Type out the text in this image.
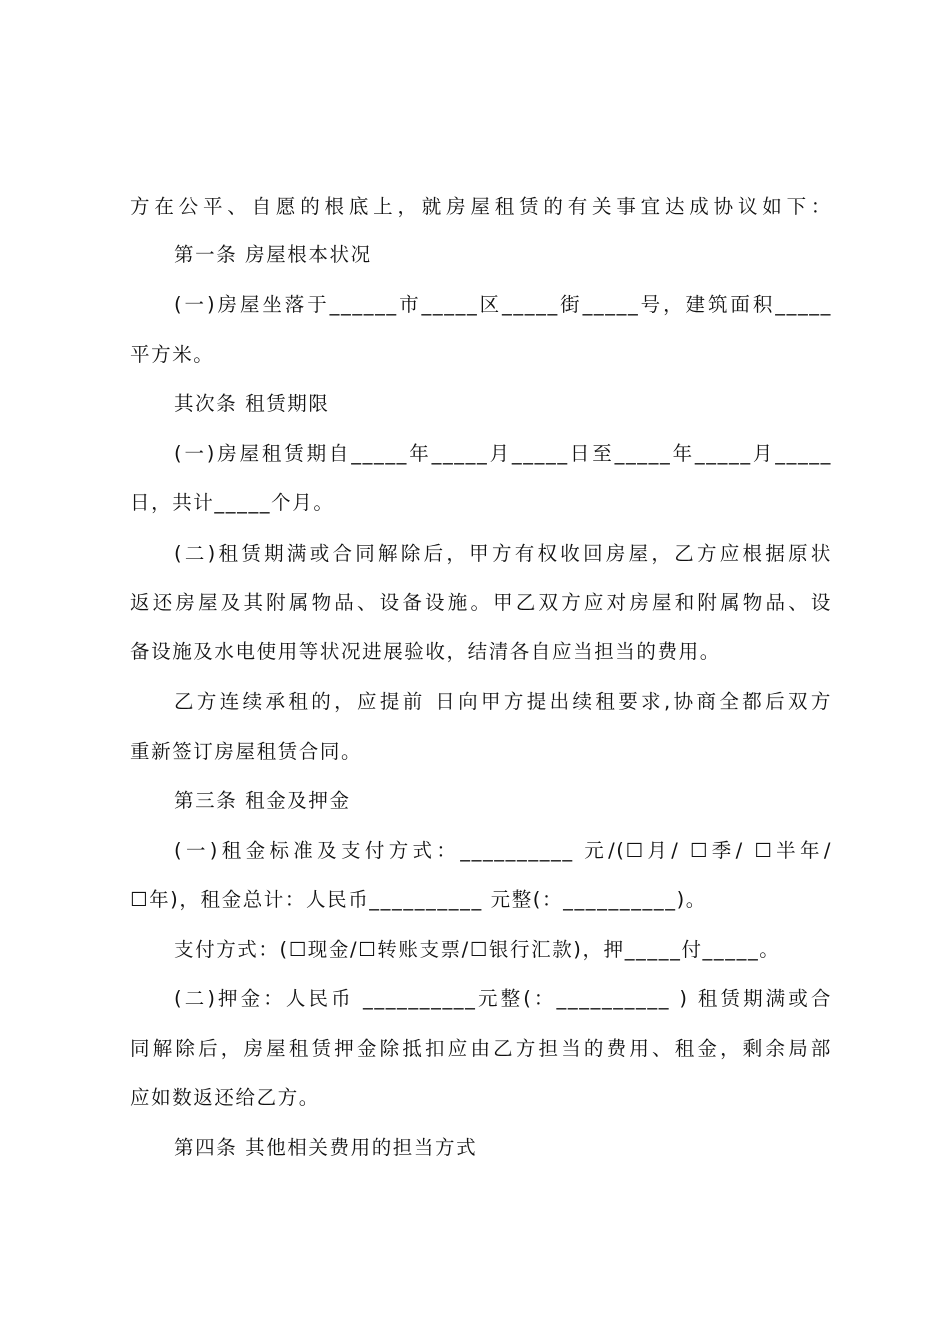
方在公平、自愿的根底上，就房屋租赁的有关事宜达成协议如下：
第一条 房屋根本状况
(一)房屋坐落于______市_____区_____街_____号，建筑面积_____
平方米。
其次条 租赁期限
(一)房屋租赁期自_____年_____月_____日至_____年_____月_____
日，共计_____个月。
(二)租赁期满或合同解除后，甲方有权收回房屋，乙方应根据原状
返还房屋及其附属物品、设备设施。甲乙双方应对房屋和附属物品、设
备设施及水电使用等状况进展验收，结清各自应当担当的费用。
乙方连续承租的，应提前 日向甲方提出续租要求,协商全都后双方
重新签订房屋租赁合同。
第三条 租金及押金
(一)租金标准及支付方式：__________ 元/(☐月/ ☐季/ ☐半年/
☐年)，租金总计：人民币__________ 元整(：__________)。
支付方式：(☐现金/☐转账支票/☐银行汇款)，押_____付_____。
(二)押金：人民币 __________元整(：__________ ) 租赁期满或合
同解除后，房屋租赁押金除抵扣应由乙方担当的费用、租金，剩余局部
应如数返还给乙方。
第四条 其他相关费用的担当方式
